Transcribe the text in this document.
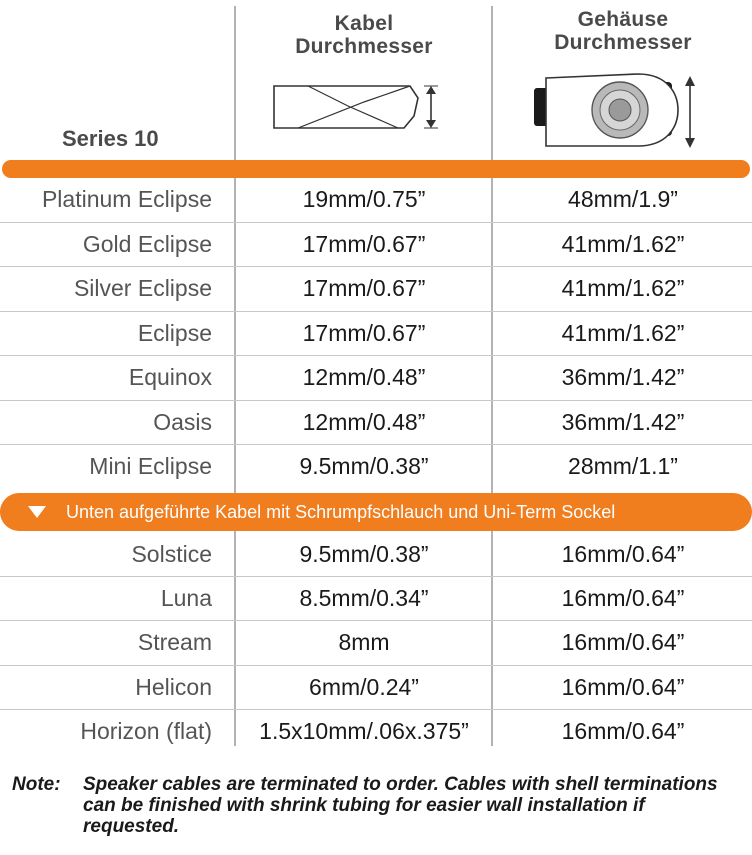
Series 10
Kabel
Durchmesser
Gehäuse
Durchmesser
Platinum Eclipse	19mm/0.75”	48mm/1.9”
Gold Eclipse	17mm/0.67”	41mm/1.62”
Silver Eclipse	17mm/0.67”	41mm/1.62”
Eclipse	17mm/0.67”	41mm/1.62”
Equinox	12mm/0.48”	36mm/1.42”
Oasis	12mm/0.48”	36mm/1.42”
Mini Eclipse	9.5mm/0.38”	28mm/1.1”
Unten aufgeführte Kabel mit Schrumpfschlauch und Uni-Term Sockel
Solstice	9.5mm/0.38”	16mm/0.64”
Luna	8.5mm/0.34”	16mm/0.64”
Stream	8mm	16mm/0.64”
Helicon	6mm/0.24”	16mm/0.64”
Horizon (flat)	1.5x10mm/.06x.375”	16mm/0.64”
Note: Speaker cables are terminated to order. Cables with shell terminations can be finished with shrink tubing for easier wall installation if requested.
